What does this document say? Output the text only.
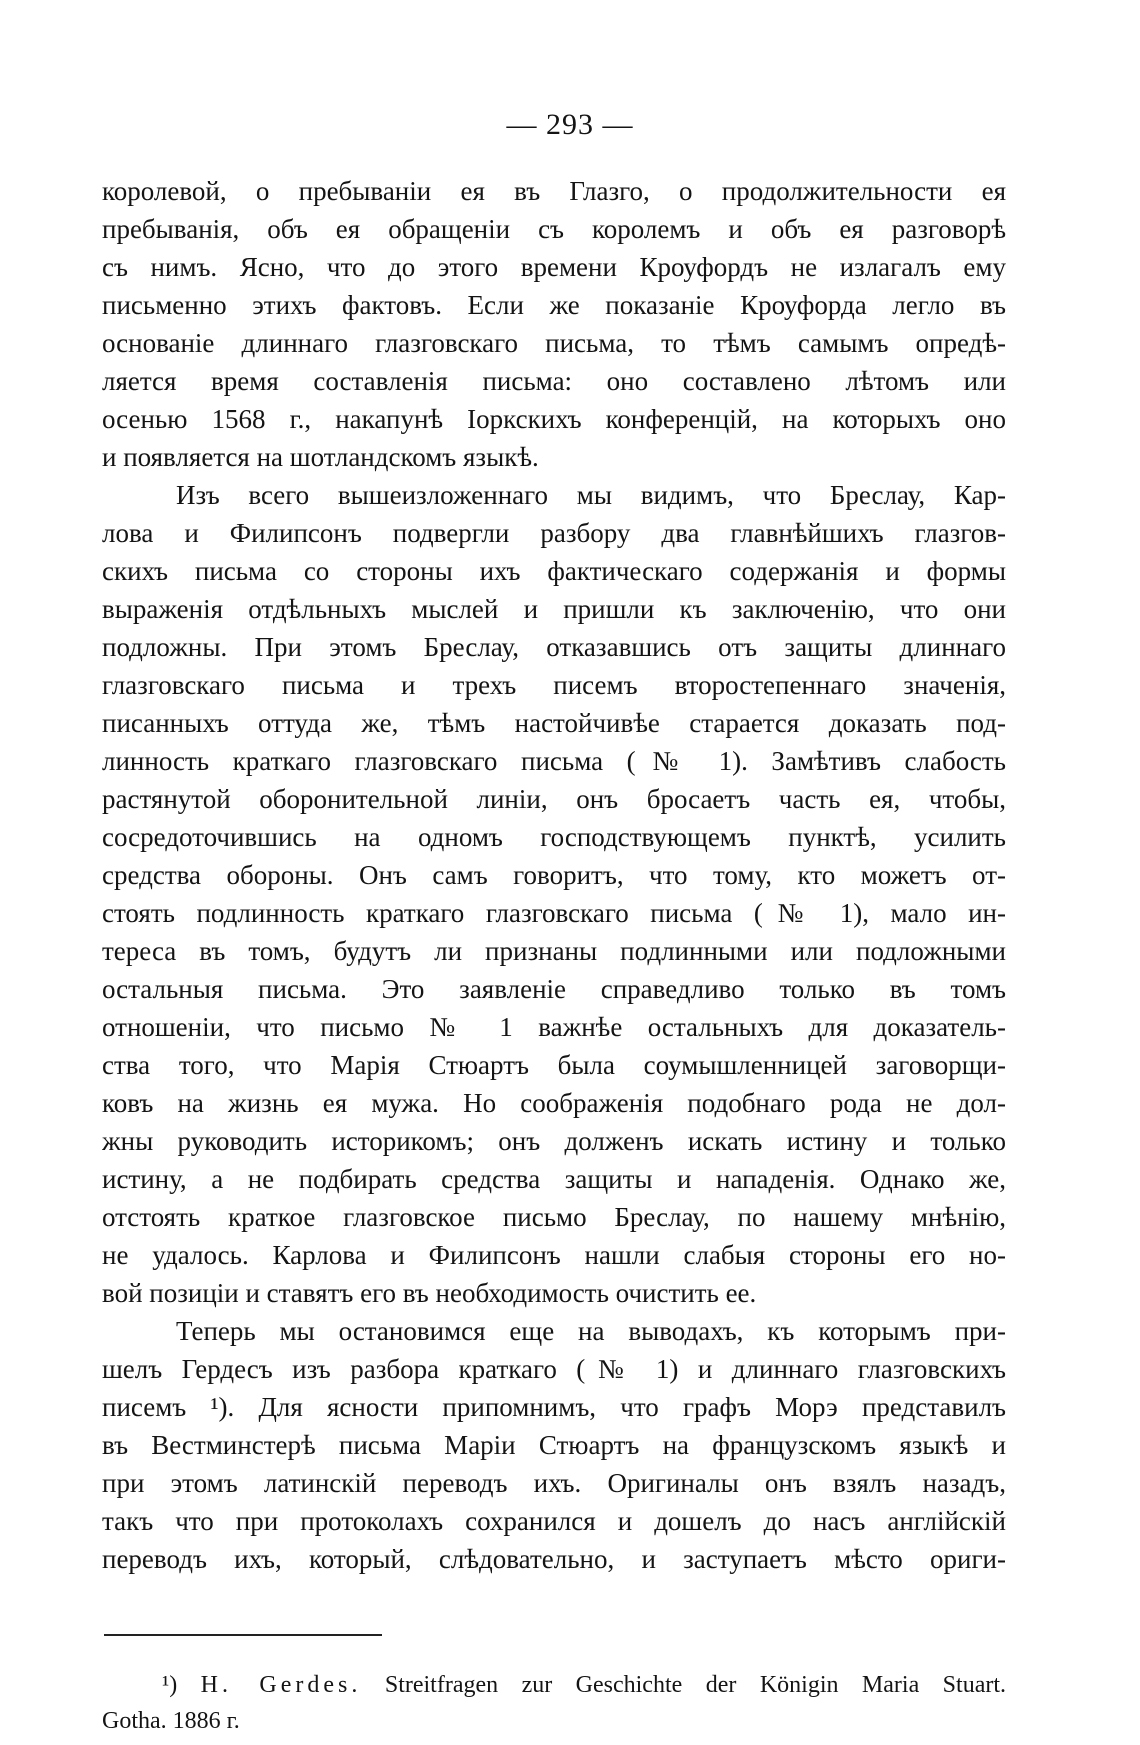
— 293 —
королевой, о пребыванiи ея въ Глазго, о продолжительности ея
пребыванiя, объ ея обращенiи съ королемъ и объ ея разговорѣ
съ нимъ. Ясно, что до этого времени Кроуфордъ не излагалъ ему
письменно этихъ фактовъ. Если же показанiе Кроуфорда легло въ
основанiе длиннаго глазговскаго письма, то тѣмъ самымъ опредѣ-
ляется время составленiя письма: оно составлено лѣтомъ или
осенью 1568 г., накапунѣ Iоркскихъ конференцiй, на которыхъ оно
и появляется на шотландскомъ языкѣ.
Изъ всего вышеизложеннаго мы видимъ, что Бреслау, Кар-
лова и Филипсонъ подвергли разбору два главнѣйшихъ глазгов-
скихъ письма со стороны ихъ фактическаго содержанiя и формы
выраженiя отдѣльныхъ мыслей и пришли къ заключенiю, что они
подложны. При этомъ Бреслау, отказавшись отъ защиты длиннаго
глазговскаго письма и трехъ писемъ второстепеннаго значенiя,
писанныхъ оттуда же, тѣмъ настойчивѣе старается доказать под-
линность краткаго глазговскаго письма (№ 1). Замѣтивъ слабость
растянутой оборонительной линiи, онъ бросаетъ часть ея, чтобы,
сосредоточившись на одномъ господствующемъ пунктѣ, усилить
средства обороны. Онъ самъ говоритъ, что тому, кто можетъ от-
стоять подлинность краткаго глазговскаго письма (№ 1), мало ин-
тереса въ томъ, будутъ ли признаны подлинными или подложными
остальныя письма. Это заявленiе справедливо только въ томъ
отношенiи, что письмо № 1 важнѣе остальныхъ для доказатель-
ства того, что Марiя Стюартъ была соумышленницей заговорщи-
ковъ на жизнь ея мужа. Но соображенiя подобнаго рода не дол-
жны руководить историкомъ; онъ долженъ искать истину и только
истину, а не подбирать средства защиты и нападенiя. Однако же,
отстоять краткое глазговское письмо Бреслау, по нашему мнѣнiю,
не удалось. Карлова и Филипсонъ нашли слабыя стороны его но-
вой позицiи и ставятъ его въ необходимость очистить ее.
Теперь мы остановимся еще на выводахъ, къ которымъ при-
шелъ Гердесъ изъ разбора краткаго (№ 1) и длиннаго глазговскихъ
писемъ ¹). Для ясности припомнимъ, что графъ Морэ представилъ
въ Вестминстерѣ письма Марiи Стюартъ на французскомъ языкѣ и
при этомъ латинскiй переводъ ихъ. Оригиналы онъ взялъ назадъ,
такъ что при протоколахъ сохранился и дошелъ до насъ англiйскiй
переводъ ихъ, который, слѣдовательно, и заступаетъ мѣсто ориги-
¹) H. Gerdes. Streitfragen zur Geschichte der Königin Maria Stuart.
Gotha. 1886 г.
